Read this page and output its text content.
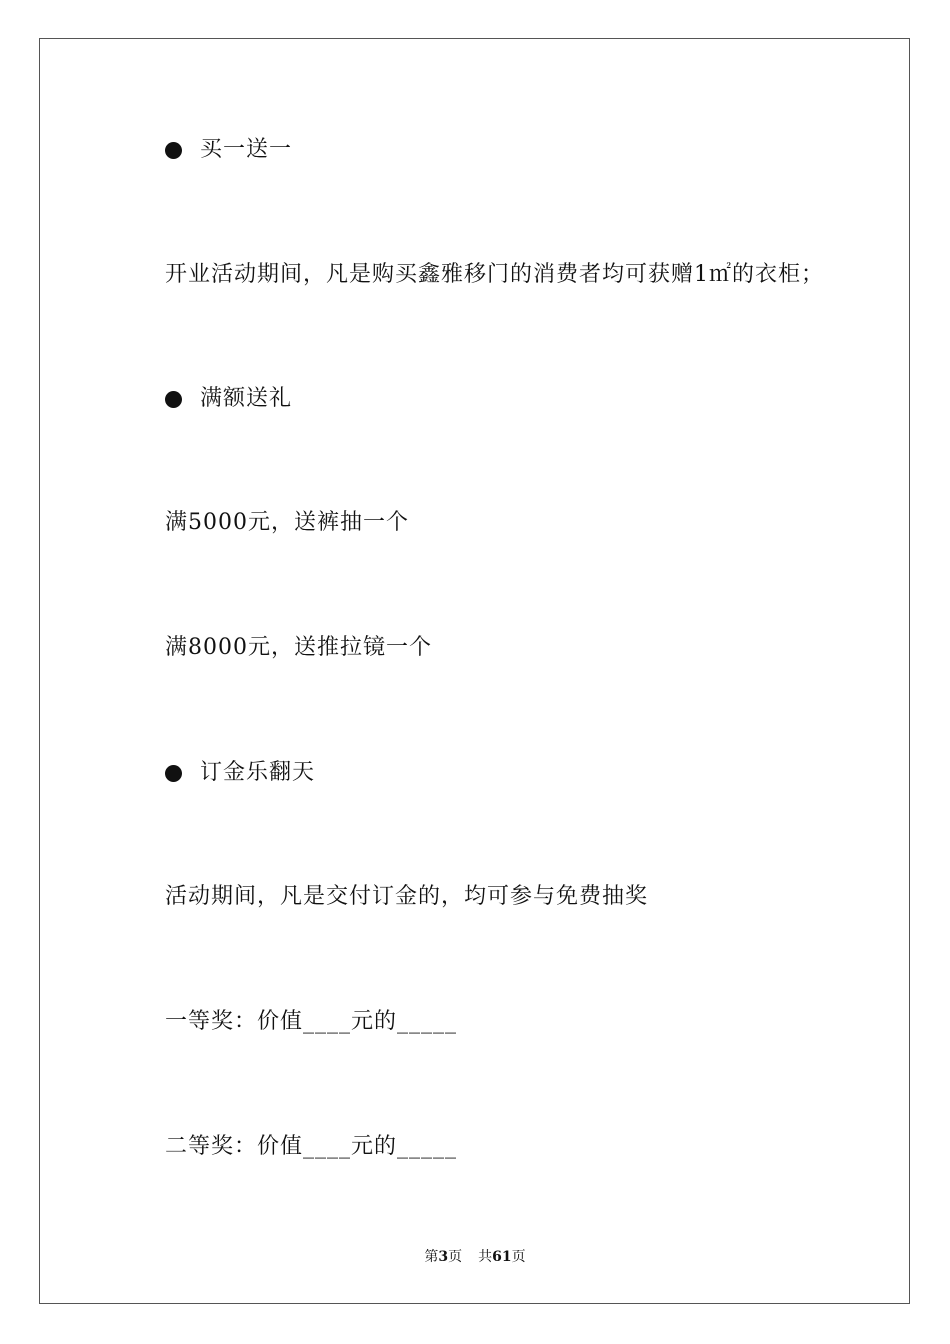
买一送一
开业活动期间，凡是购买鑫雅移门的消费者均可获赠1㎡的衣柜；
满额送礼
满5000元，送裤抽一个
满8000元，送推拉镜一个
订金乐翻天
活动期间，凡是交付订金的，均可参与免费抽奖
一等奖：价值____元的_____
二等奖：价值____元的_____
第3页 共61页
